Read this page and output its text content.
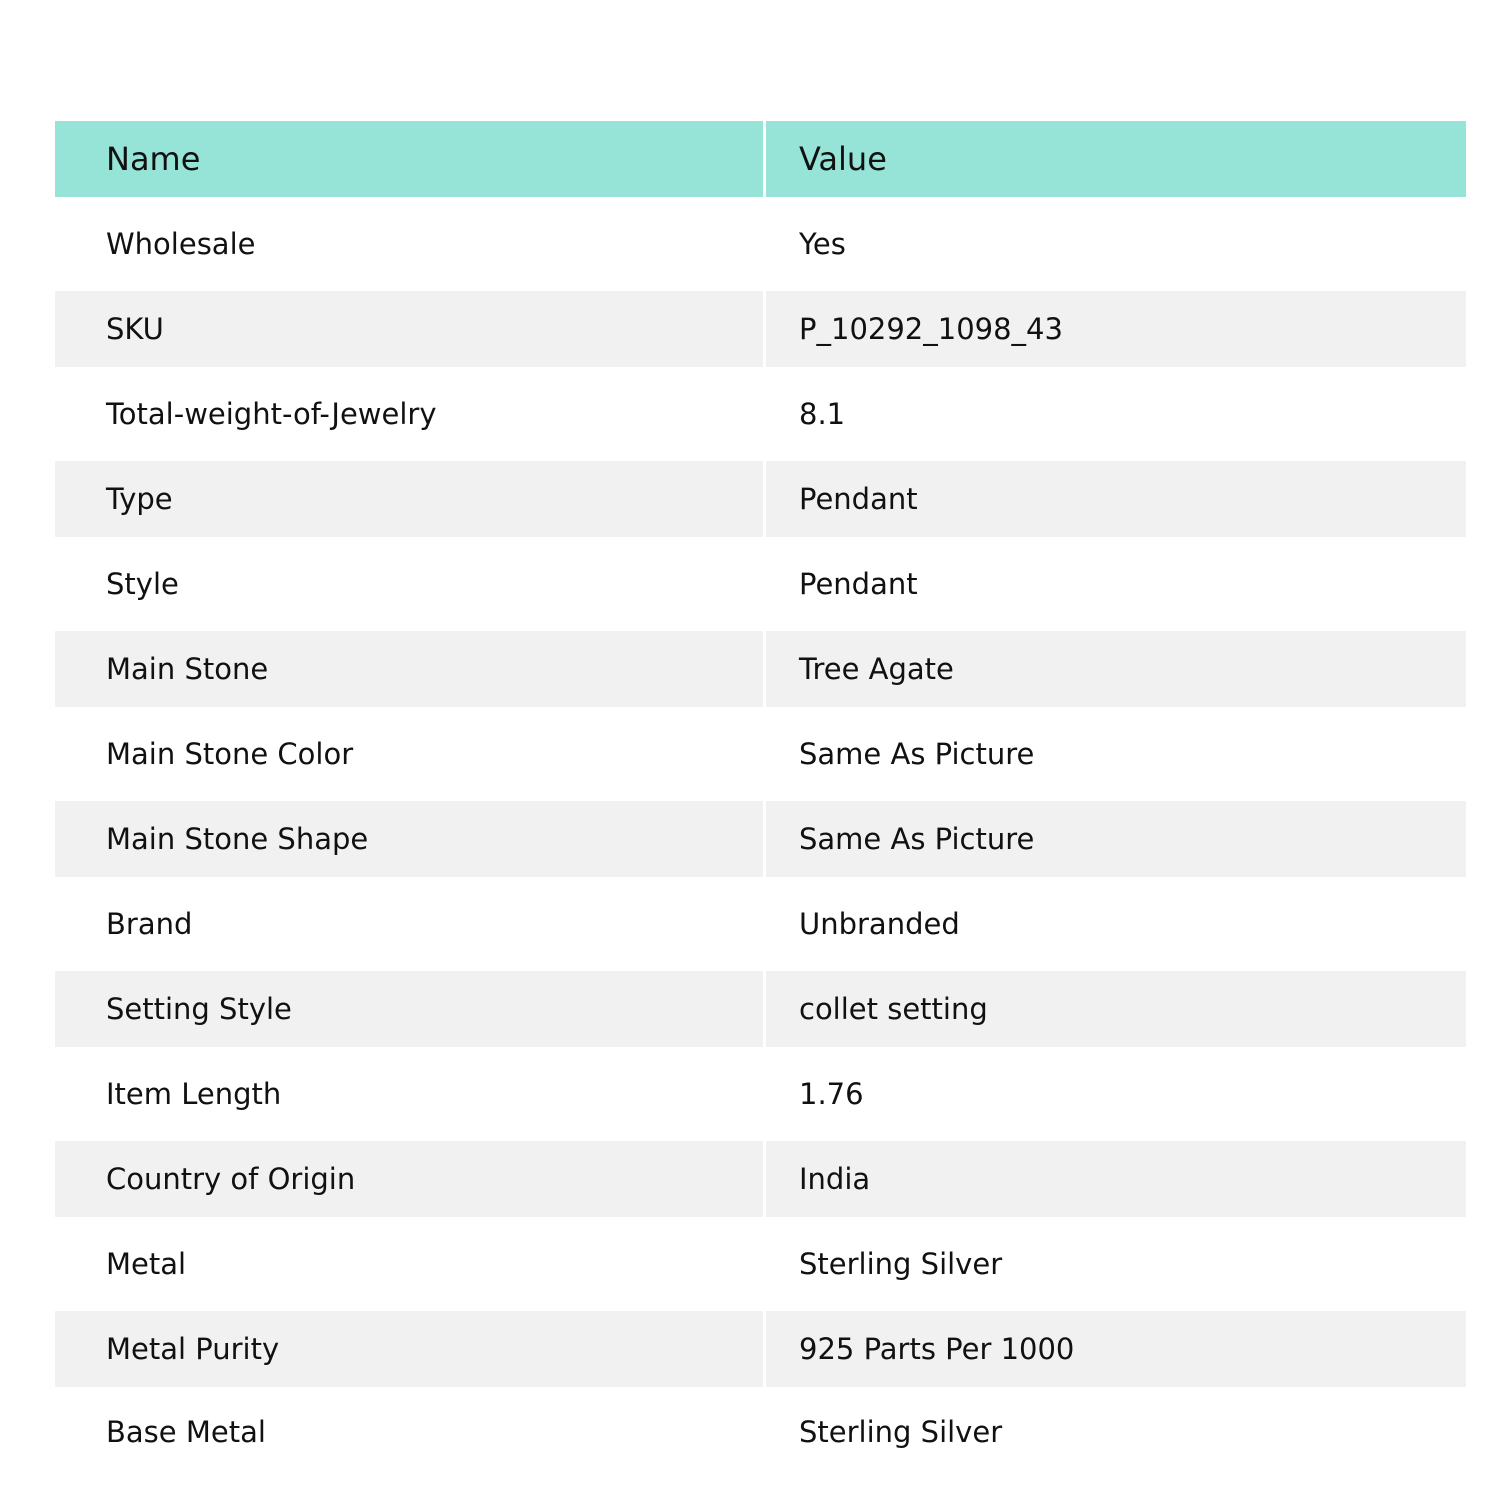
Name	Value
Wholesale	Yes
SKU	P_10292_1098_43
Total-weight-of-Jewelry	8.1
Type	Pendant
Style	Pendant
Main Stone	Tree Agate
Main Stone Color	Same As Picture
Main Stone Shape	Same As Picture
Brand	Unbranded
Setting Style	collet setting
Item Length	1.76
Country of Origin	India
Metal	Sterling Silver
Metal Purity	925 Parts Per 1000
Base Metal	Sterling Silver
